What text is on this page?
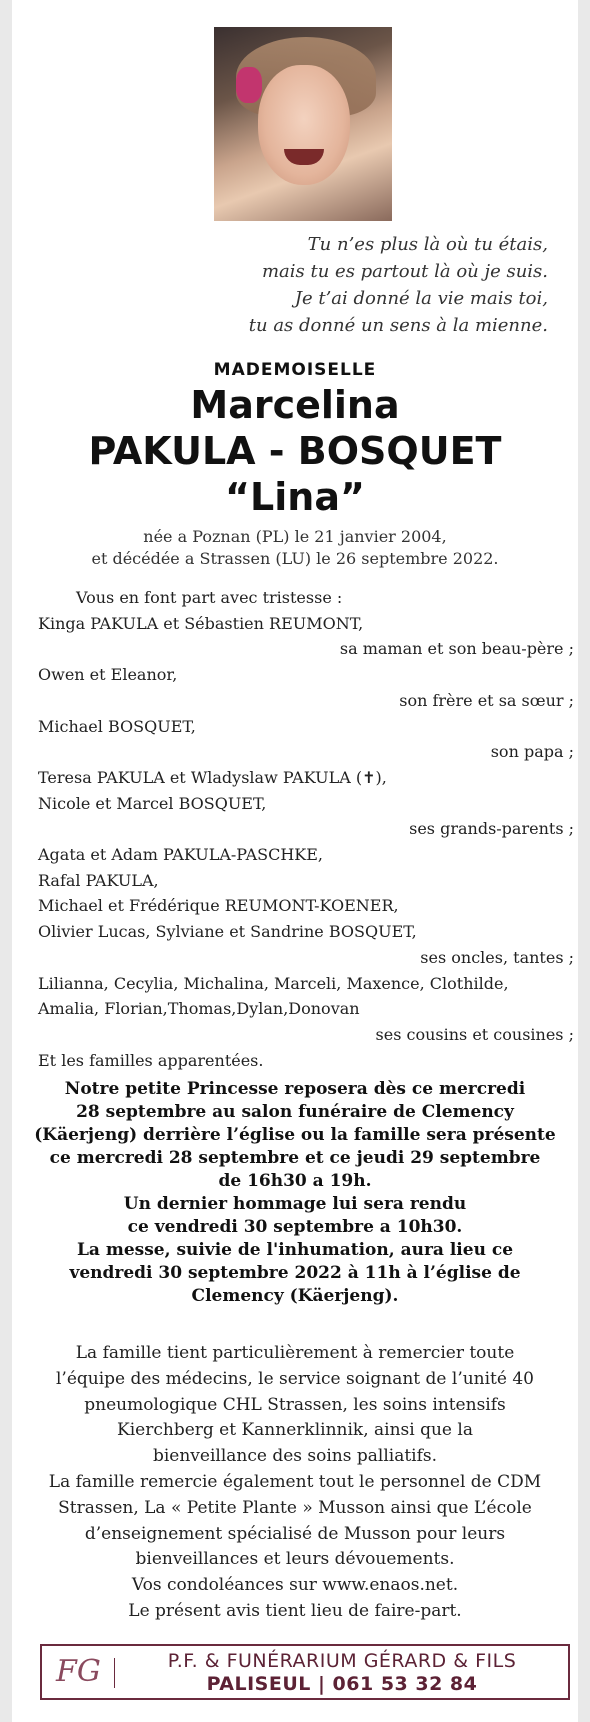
Tu n’es plus là où tu étais,
mais tu es partout là où je suis.
Je t’ai donné la vie mais toi,
tu as donné un sens à la mienne.
MADEMOISELLE
Marcelina
PAKULA - BOSQUET
“Lina”
née a Poznan (PL) le 21 janvier 2004,
et décédée a Strassen (LU) le 26 septembre 2022.
Vous en font part avec tristesse :
Kinga PAKULA et Sébastien REUMONT,
sa maman et son beau-père ;
Owen et Eleanor,
son frère et sa sœur ;
Michael BOSQUET,
son papa ;
Teresa PAKULA et Wladyslaw PAKULA (✝),
Nicole et Marcel BOSQUET,
ses grands-parents ;
Agata et Adam PAKULA-PASCHKE,
Rafal PAKULA,
Michael et Frédérique REUMONT-KOENER,
Olivier Lucas, Sylviane et Sandrine BOSQUET,
ses oncles, tantes ;
Lilianna, Cecylia, Michalina, Marceli, Maxence, Clothilde,
Amalia, Florian,Thomas,Dylan,Donovan
ses cousins et cousines ;
Et les familles apparentées.
Notre petite Princesse reposera dès ce mercredi
28 septembre au salon funéraire de Clemency
(Käerjeng) derrière l’église ou la famille sera présente
ce mercredi 28 septembre et ce jeudi 29 septembre
de 16h30 a 19h.
Un dernier hommage lui sera rendu
ce vendredi 30 septembre a 10h30.
La messe, suivie de l'inhumation, aura lieu ce
vendredi 30 septembre 2022 à 11h à l’église de
Clemency (Käerjeng).
La famille tient particulièrement à remercier toute
l’équipe des médecins, le service soignant de l’unité 40
pneumologique CHL Strassen, les soins intensifs
Kierchberg et Kannerklinnik, ainsi que la
bienveillance des soins palliatifs.
La famille remercie également tout le personnel de CDM
Strassen, La « Petite Plante » Musson ainsi que L’école
d’enseignement spécialisé de Musson pour leurs
bienveillances et leurs dévouements.
Vos condoléances sur www.enaos.net.
Le présent avis tient lieu de faire-part.
FG	P.F. & FUNÉRARIUM GÉRARD & FILS
PALISEUL | 061 53 32 84
